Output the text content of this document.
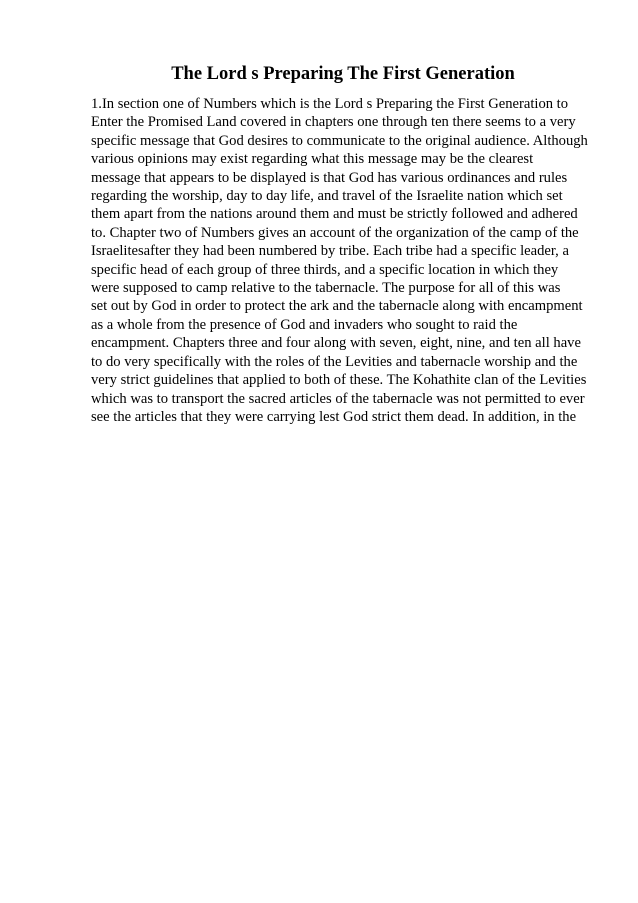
The Lord s Preparing The First Generation
1.In section one of Numbers which is the Lord s Preparing the First Generation to
Enter the Promised Land covered in chapters one through ten there seems to a very
specific message that God desires to communicate to the original audience. Although
various opinions may exist regarding what this message may be the clearest
message that appears to be displayed is that God has various ordinances and rules
regarding the worship, day to day life, and travel of the Israelite nation which set
them apart from the nations around them and must be strictly followed and adhered
to. Chapter two of Numbers gives an account of the organization of the camp of the
Israelitesafter they had been numbered by tribe. Each tribe had a specific leader, a
specific head of each group of three thirds, and a specific location in which they
were supposed to camp relative to the tabernacle. The purpose for all of this was
set out by God in order to protect the ark and the tabernacle along with encampment
as a whole from the presence of God and invaders who sought to raid the
encampment. Chapters three and four along with seven, eight, nine, and ten all have
to do very specifically with the roles of the Levities and tabernacle worship and the
very strict guidelines that applied to both of these. The Kohathite clan of the Levities
which was to transport the sacred articles of the tabernacle was not permitted to ever
see the articles that they were carrying lest God strict them dead. In addition, in the
